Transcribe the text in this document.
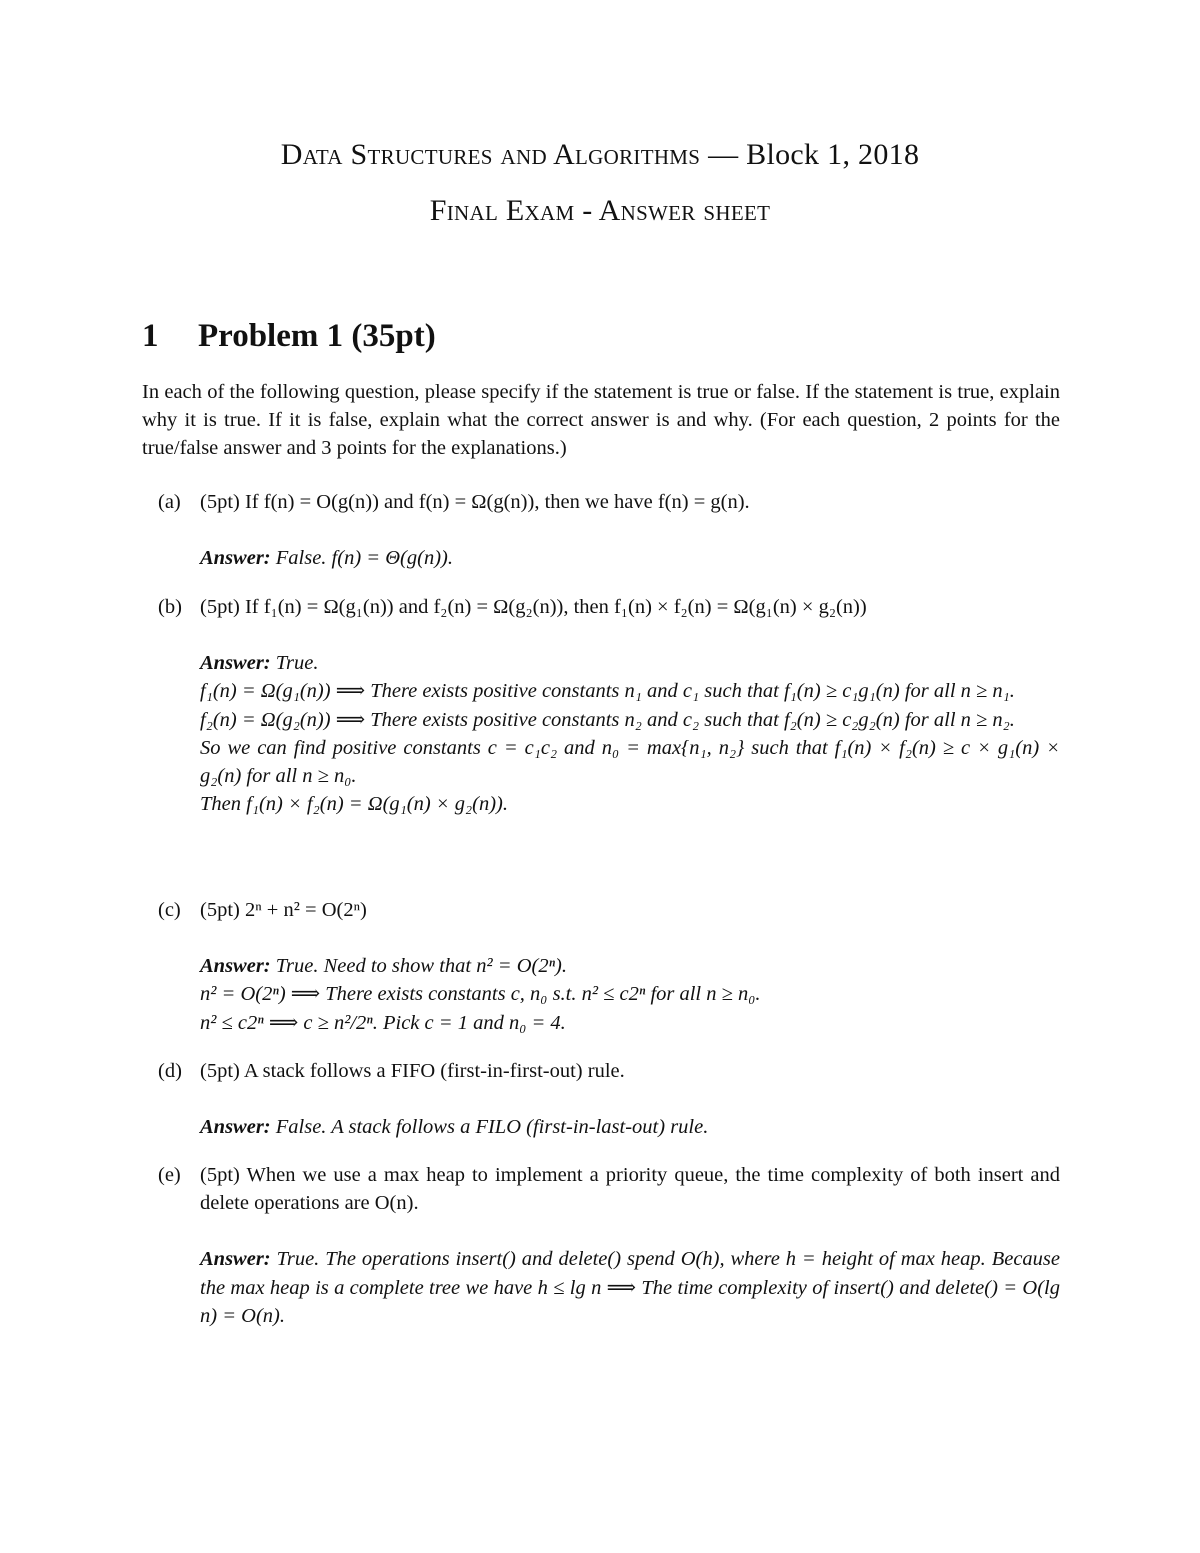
Data Structures and Algorithms — Block 1, 2018
Final Exam - Answer sheet
1 Problem 1 (35pt)
In each of the following question, please specify if the statement is true or false. If the statement is true, explain why it is true. If it is false, explain what the correct answer is and why. (For each question, 2 points for the true/false answer and 3 points for the explanations.)
(a) (5pt) If f(n) = O(g(n)) and f(n) = Ω(g(n)), then we have f(n) = g(n).
Answer: False. f(n) = Θ(g(n)).
(b) (5pt) If f₁(n) = Ω(g₁(n)) and f₂(n) = Ω(g₂(n)), then f₁(n) × f₂(n) = Ω(g₁(n) × g₂(n))
Answer: True.
f₁(n) = Ω(g₁(n)) ⟹ There exists positive constants n₁ and c₁ such that f₁(n) ≥ c₁g₁(n) for all n ≥ n₁.
f₂(n) = Ω(g₂(n)) ⟹ There exists positive constants n₂ and c₂ such that f₂(n) ≥ c₂g₂(n) for all n ≥ n₂.
So we can find positive constants c = c₁c₂ and n₀ = max{n₁, n₂} such that f₁(n) × f₂(n) ≥ c × g₁(n) × g₂(n) for all n ≥ n₀.
Then f₁(n) × f₂(n) = Ω(g₁(n) × g₂(n)).
(c) (5pt) 2ⁿ + n² = O(2ⁿ)
Answer: True. Need to show that n² = O(2ⁿ).
n² = O(2ⁿ) ⟹ There exists constants c, n₀ s.t. n² ≤ c2ⁿ for all n ≥ n₀.
n² ≤ c2ⁿ ⟹ c ≥ n²/2ⁿ. Pick c = 1 and n₀ = 4.
(d) (5pt) A stack follows a FIFO (first-in-first-out) rule.
Answer: False. A stack follows a FILO (first-in-last-out) rule.
(e) (5pt) When we use a max heap to implement a priority queue, the time complexity of both insert and delete operations are O(n).
Answer: True. The operations insert() and delete() spend O(h), where h = height of max heap. Because the max heap is a complete tree we have h ≤ lg n ⟹ The time complexity of insert() and delete() = O(lg n) = O(n).
